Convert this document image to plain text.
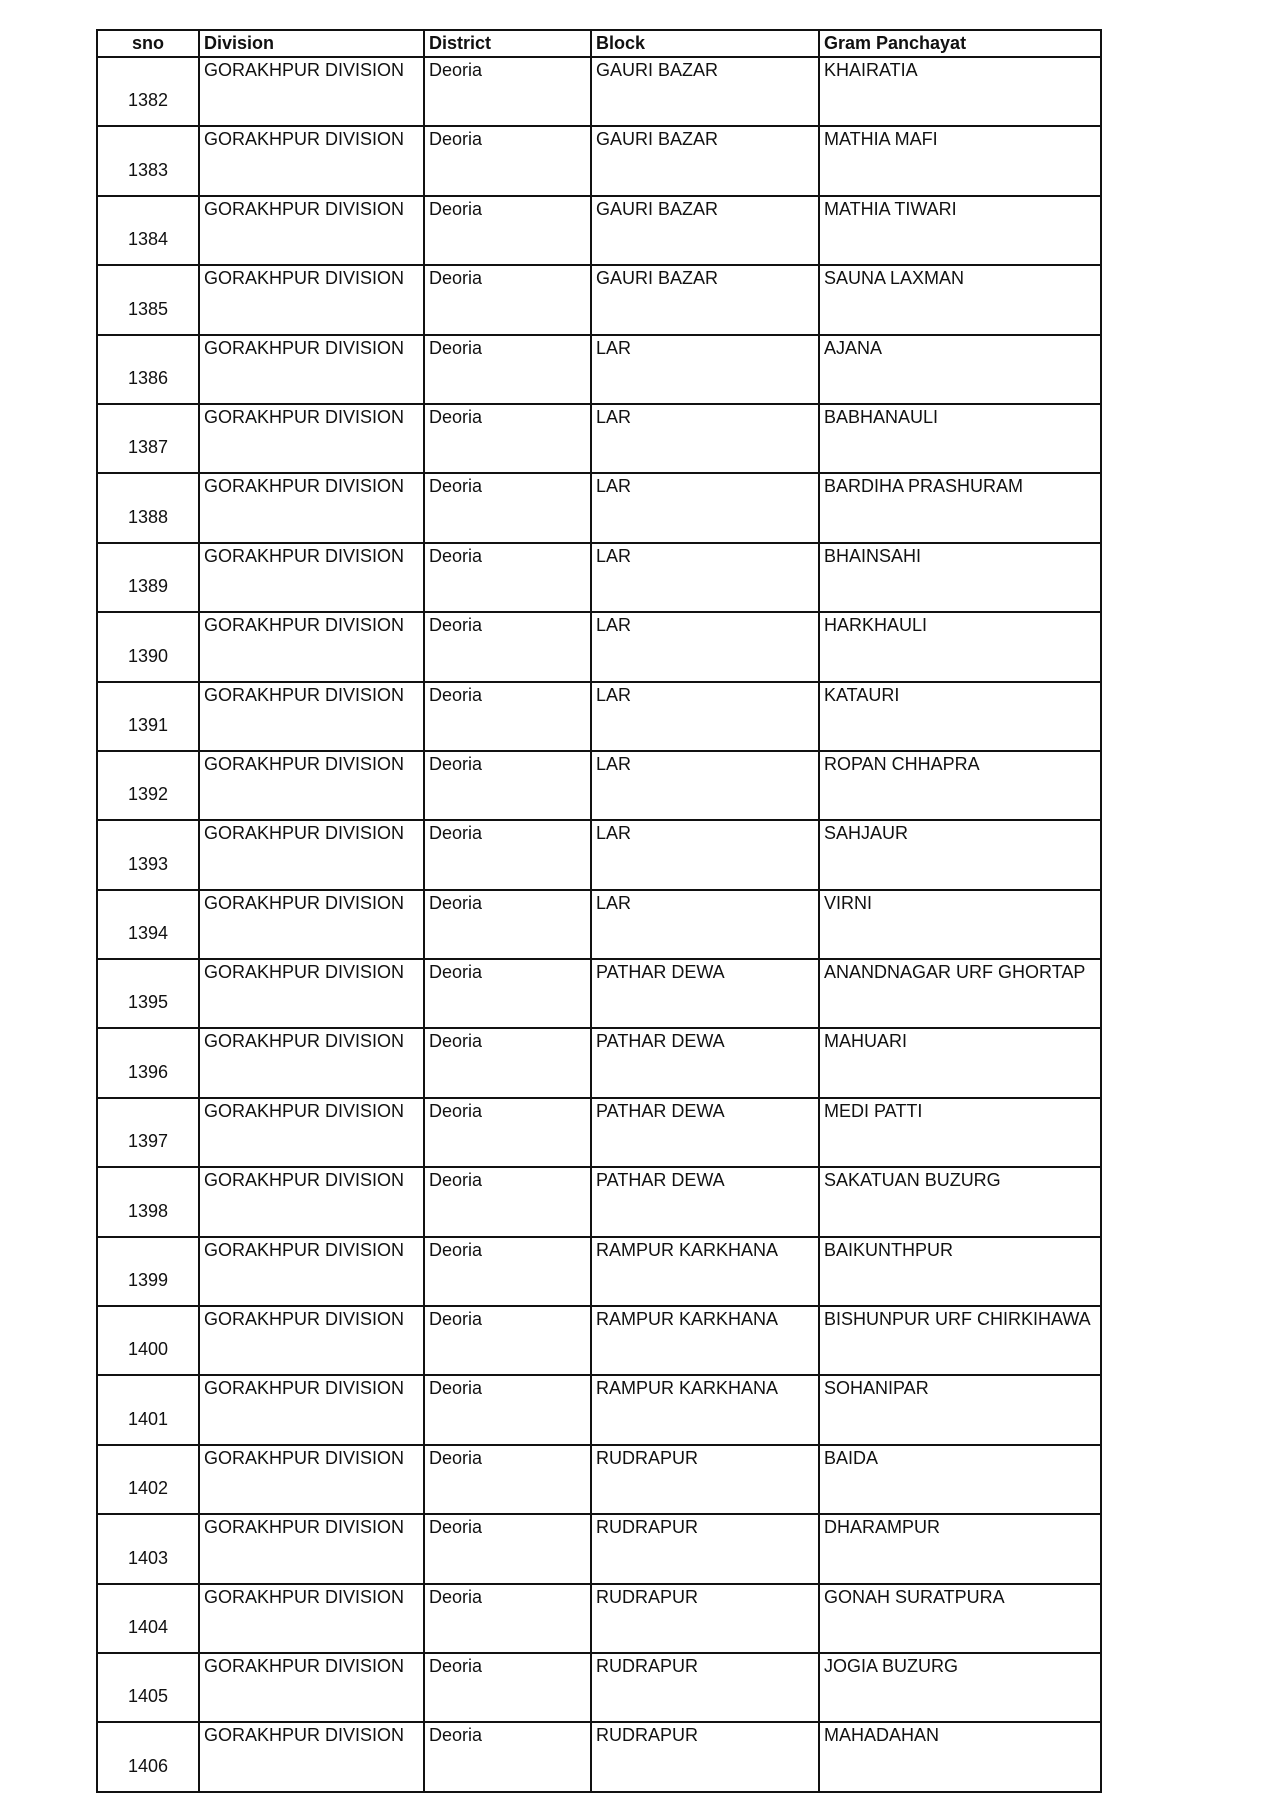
sno	Division	District	Block	Gram Panchayat
1382	GORAKHPUR DIVISION	Deoria	GAURI BAZAR	KHAIRATIA
1383	GORAKHPUR DIVISION	Deoria	GAURI BAZAR	MATHIA MAFI
1384	GORAKHPUR DIVISION	Deoria	GAURI BAZAR	MATHIA TIWARI
1385	GORAKHPUR DIVISION	Deoria	GAURI BAZAR	SAUNA LAXMAN
1386	GORAKHPUR DIVISION	Deoria	LAR	AJANA
1387	GORAKHPUR DIVISION	Deoria	LAR	BABHANAULI
1388	GORAKHPUR DIVISION	Deoria	LAR	BARDIHA PRASHURAM
1389	GORAKHPUR DIVISION	Deoria	LAR	BHAINSAHI
1390	GORAKHPUR DIVISION	Deoria	LAR	HARKHAULI
1391	GORAKHPUR DIVISION	Deoria	LAR	KATAURI
1392	GORAKHPUR DIVISION	Deoria	LAR	ROPAN CHHAPRA
1393	GORAKHPUR DIVISION	Deoria	LAR	SAHJAUR
1394	GORAKHPUR DIVISION	Deoria	LAR	VIRNI
1395	GORAKHPUR DIVISION	Deoria	PATHAR DEWA	ANANDNAGAR URF GHORTAP
1396	GORAKHPUR DIVISION	Deoria	PATHAR DEWA	MAHUARI
1397	GORAKHPUR DIVISION	Deoria	PATHAR DEWA	MEDI PATTI
1398	GORAKHPUR DIVISION	Deoria	PATHAR DEWA	SAKATUAN BUZURG
1399	GORAKHPUR DIVISION	Deoria	RAMPUR KARKHANA	BAIKUNTHPUR
1400	GORAKHPUR DIVISION	Deoria	RAMPUR KARKHANA	BISHUNPUR URF CHIRKIHAWA
1401	GORAKHPUR DIVISION	Deoria	RAMPUR KARKHANA	SOHANIPAR
1402	GORAKHPUR DIVISION	Deoria	RUDRAPUR	BAIDA
1403	GORAKHPUR DIVISION	Deoria	RUDRAPUR	DHARAMPUR
1404	GORAKHPUR DIVISION	Deoria	RUDRAPUR	GONAH SURATPURA
1405	GORAKHPUR DIVISION	Deoria	RUDRAPUR	JOGIA BUZURG
1406	GORAKHPUR DIVISION	Deoria	RUDRAPUR	MAHADAHAN
